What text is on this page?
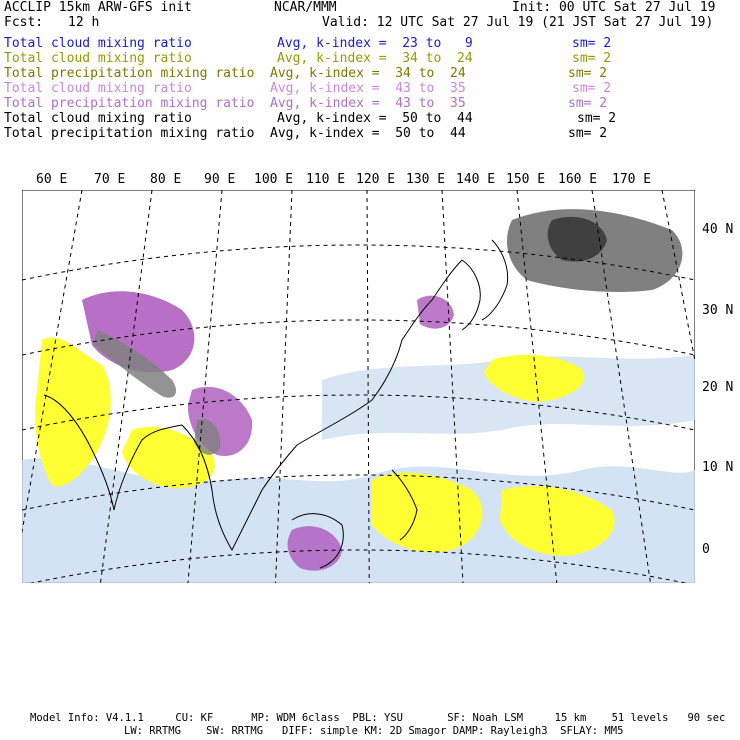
ACCLIP 15km ARW-GFS init	NCAR/MMM	Init: 00 UTC Sat 27 Jul 19
Fcst: 12 h	Valid: 12 UTC Sat 27 Jul 19 (21 JST Sat 27 Jul 19)
Total cloud mixing ratio	Avg, k-index =  23 to   9	sm= 2
Total cloud mixing ratio	Avg, k-index =  34 to  24	sm= 2
Total precipitation mixing ratio Avg, k-index =  34 to  24	sm= 2
Total cloud mixing ratio	Avg, k-index =  43 to  35	sm= 2
Total precipitation mixing ratio Avg, k-index =  43 to  35	sm= 2
Total cloud mixing ratio	Avg, k-index =  50 to  44	sm= 2
Total precipitation mixing ratio Avg, k-index =  50 to  44	sm= 2
60 E 70 E 80 E 90 E 100 E 110 E 120 E 130 E 140 E 150 E 160 E 170 E
40 N
30 N
20 N
10 N
0
Model Info: V4.1.1     CU: KF      MP: WDM 6class  PBL: YSU       SF: Noah LSM     15 km    51 levels   90 sec
LW: RRTMG    SW: RRTMG   DIFF: simple KM: 2D Smagor DAMP: Rayleigh3  SFLAY: MM5
